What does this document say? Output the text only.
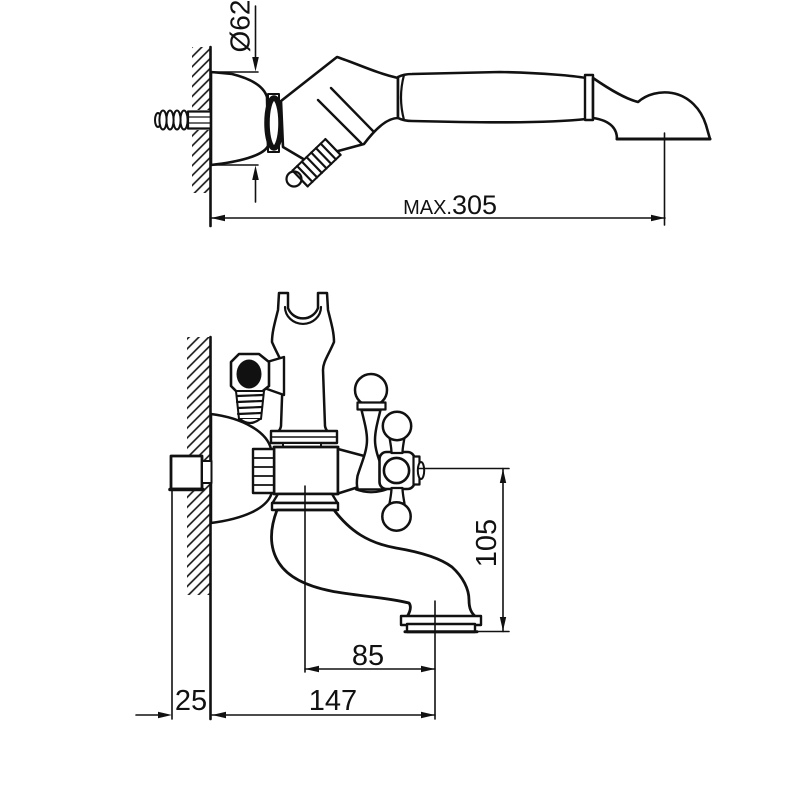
Ø62
MAX. 305
105
85
147
25
